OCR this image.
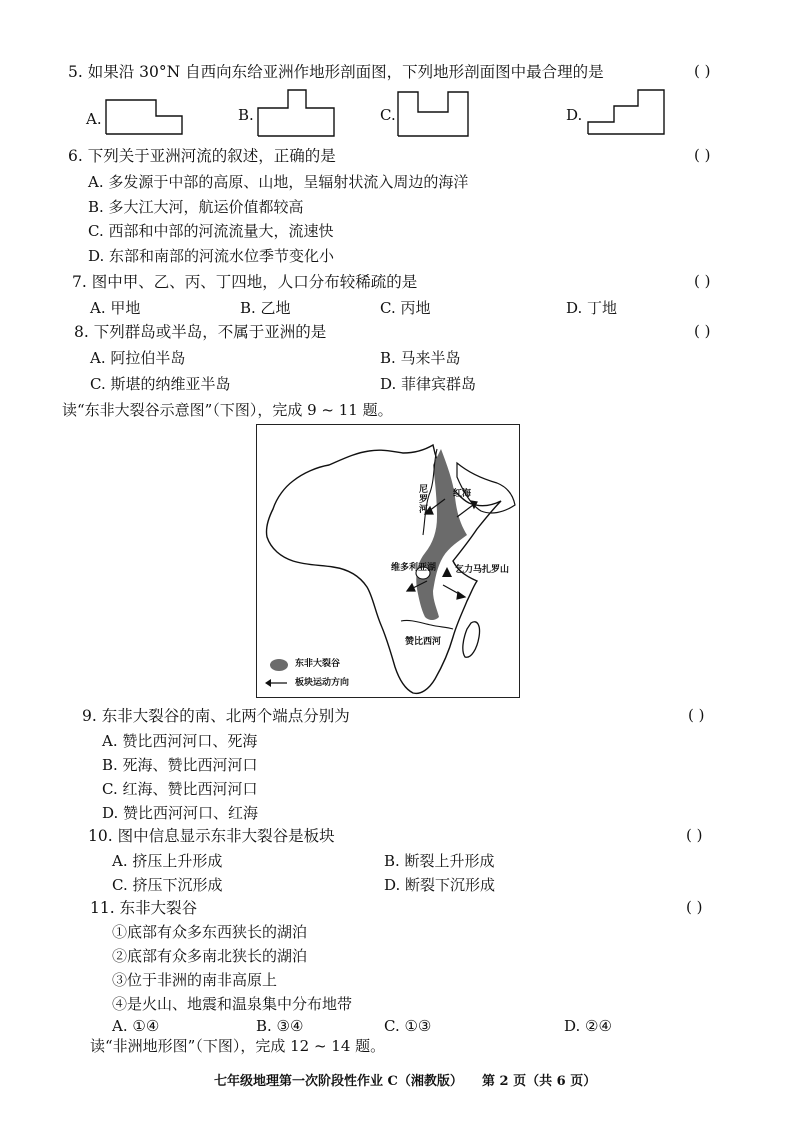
5. 如果沿 30°N 自西向东给亚洲作地形剖面图，下列地形剖面图中最合理的是	( )
A.	B.	C.	D.
6. 下列关于亚洲河流的叙述，正确的是	( )
A. 多发源于中部的高原、山地，呈辐射状流入周边的海洋
B. 多大江大河，航运价值都较高
C. 西部和中部的河流流量大，流速快
D. 东部和南部的河流水位季节变化小
7. 图中甲、乙、丙、丁四地，人口分布较稀疏的是	( )
A. 甲地	B. 乙地	C. 丙地	D. 丁地
8. 下列群岛或半岛，不属于亚洲的是	( )
A. 阿拉伯半岛	B. 马来半岛
C. 斯堪的纳维亚半岛	D. 菲律宾群岛
读“东非大裂谷示意图”（下图），完成 9 ~ 11 题。
尼罗河
红海
维多利亚湖 乞力马扎罗山
赞比西河
东非大裂谷
板块运动方向
9. 东非大裂谷的南、北两个端点分别为	( )
A. 赞比西河河口、死海
B. 死海、赞比西河河口
C. 红海、赞比西河河口
D. 赞比西河河口、红海
10. 图中信息显示东非大裂谷是板块	( )
A. 挤压上升形成	B. 断裂上升形成
C. 挤压下沉形成	D. 断裂下沉形成
11. 东非大裂谷	( )
①底部有众多东西狭长的湖泊
②底部有众多南北狭长的湖泊
③位于非洲的南非高原上
④是火山、地震和温泉集中分布地带
A. ①④	B. ③④	C. ①③	D. ②④
读“非洲地形图”（下图），完成 12 ~ 14 题。
七年级地理第一次阶段性作业 C（湘教版） 第 2 页（共 6 页）
